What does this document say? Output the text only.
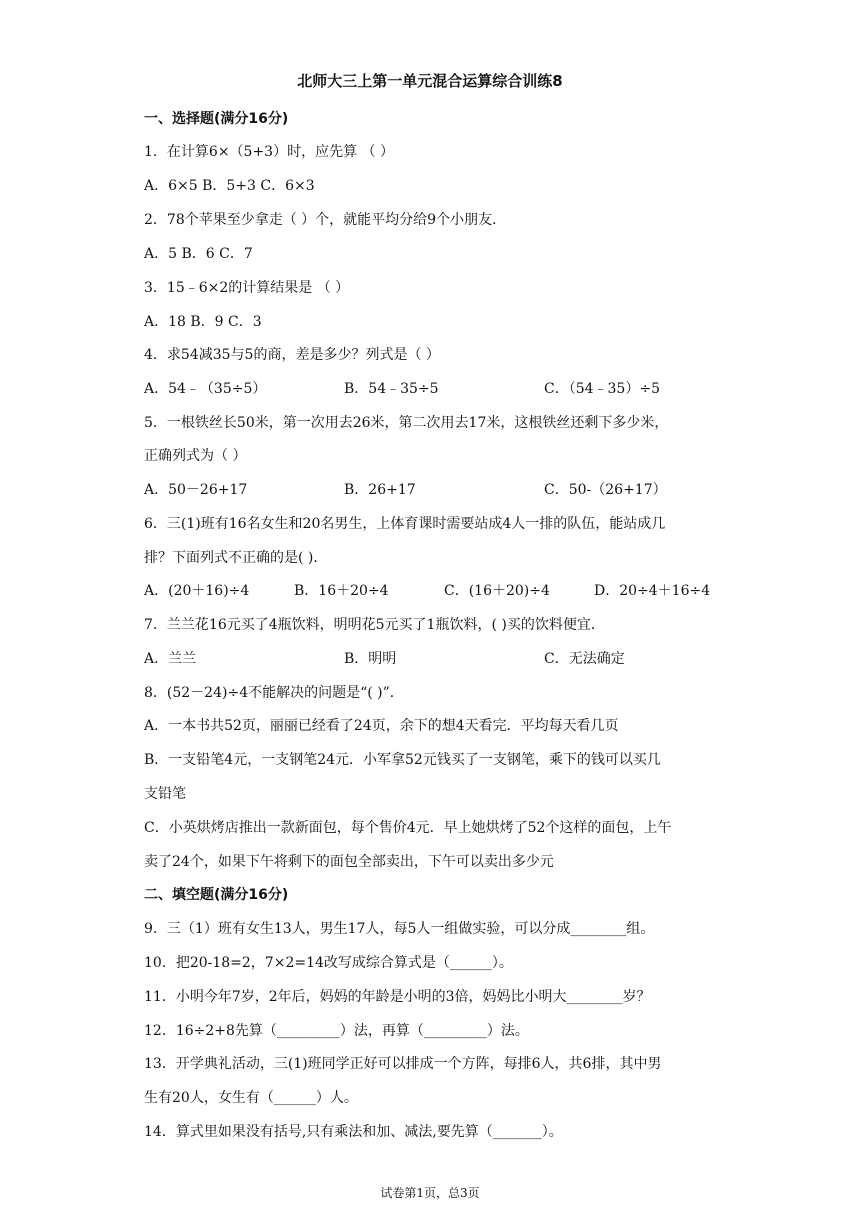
北师大三上第一单元混合运算综合训练8
一、选择题(满分16分)
1．在计算6×（5+3）时，应先算 （ ）
A．6×5 B．5+3 C．6×3
2．78个苹果至少拿走（ ）个，就能平均分给9个小朋友．
A．5 B．6 C．7
3．15﹣6×2的计算结果是 （ ）
A．18 B．9 C．3
4．求54减35与5的商，差是多少？列式是（ ）
A．54﹣（35÷5）	B．54﹣35÷5	C．（54﹣35）÷5
5．一根铁丝长50米，第一次用去26米，第二次用去17米，这根铁丝还剩下多少米，
正确列式为（ ）
A．50－26+17	B．26+17	C．50-（26+17）
6．三(1)班有16名女生和20名男生，上体育课时需要站成4人一排的队伍，能站成几
排？下面列式不正确的是( )．
A．(20＋16)÷4	B．16＋20÷4	C．(16＋20)÷4	D．20÷4＋16÷4
7．兰兰花16元买了4瓶饮料，明明花5元买了1瓶饮料，( )买的饮料便宜．
A．兰兰	B．明明	C．无法确定
8．(52－24)÷4不能解决的问题是“( )”．
A．一本书共52页，丽丽已经看了24页，余下的想4天看完．平均每天看几页
B．一支铅笔4元，一支钢笔24元．小军拿52元钱买了一支钢笔，乘下的钱可以买几
支铅笔
C．小英烘烤店推出一款新面包，每个售价4元．早上她烘烤了52个这样的面包，上午
卖了24个，如果下午将剩下的面包全部卖出，下午可以卖出多少元
二、填空题(满分16分)
9．三（1）班有女生13人，男生17人，每5人一组做实验，可以分成________组。
10．把20-18=2，7×2=14改写成综合算式是（______）。
11．小明今年7岁，2年后，妈妈的年龄是小明的3倍，妈妈比小明大________岁？
12．16÷2+8先算（_________）法，再算（_________）法。
13．开学典礼活动，三(1)班同学正好可以排成一个方阵，每排6人，共6排，其中男
生有20人，女生有（______）人。
14．算式里如果没有括号,只有乘法和加、减法,要先算（_______）。
试卷第1页，总3页
